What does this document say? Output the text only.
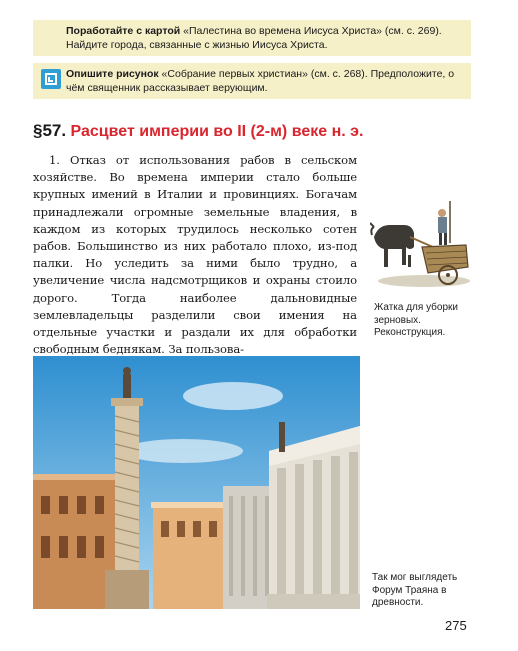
Поработайте с картой «Палестина во времена Иисуса Христа» (см. с. 269). Найдите города, связанные с жизнью Иисуса Христа.
Опишите рисунок «Собрание первых христиан» (см. с. 268). Предположите, о чём священник рассказывает верующим.
§57. Расцвет империи во II (2-м) веке н. э.
1. Отказ от использования рабов в сельском хозяйстве. Во времена империи стало больше крупных имений в Италии и провинциях. Богачам принадлежали огромные земельные владения, в каждом из которых трудилось несколько сотен рабов. Большинство из них работало плохо, из-под палки. Но уследить за ними было трудно, а увеличение числа надсмотрщиков и охраны стоило дорого. Тогда наиболее дальновидные землевладельцы разделили свои имения на отдельные участки и раздали их для обработки свободным беднякам. За пользова-
Жатка для уборки зерновых. Реконструкция.
Так мог выглядеть Форум Траяна в древности.
275
